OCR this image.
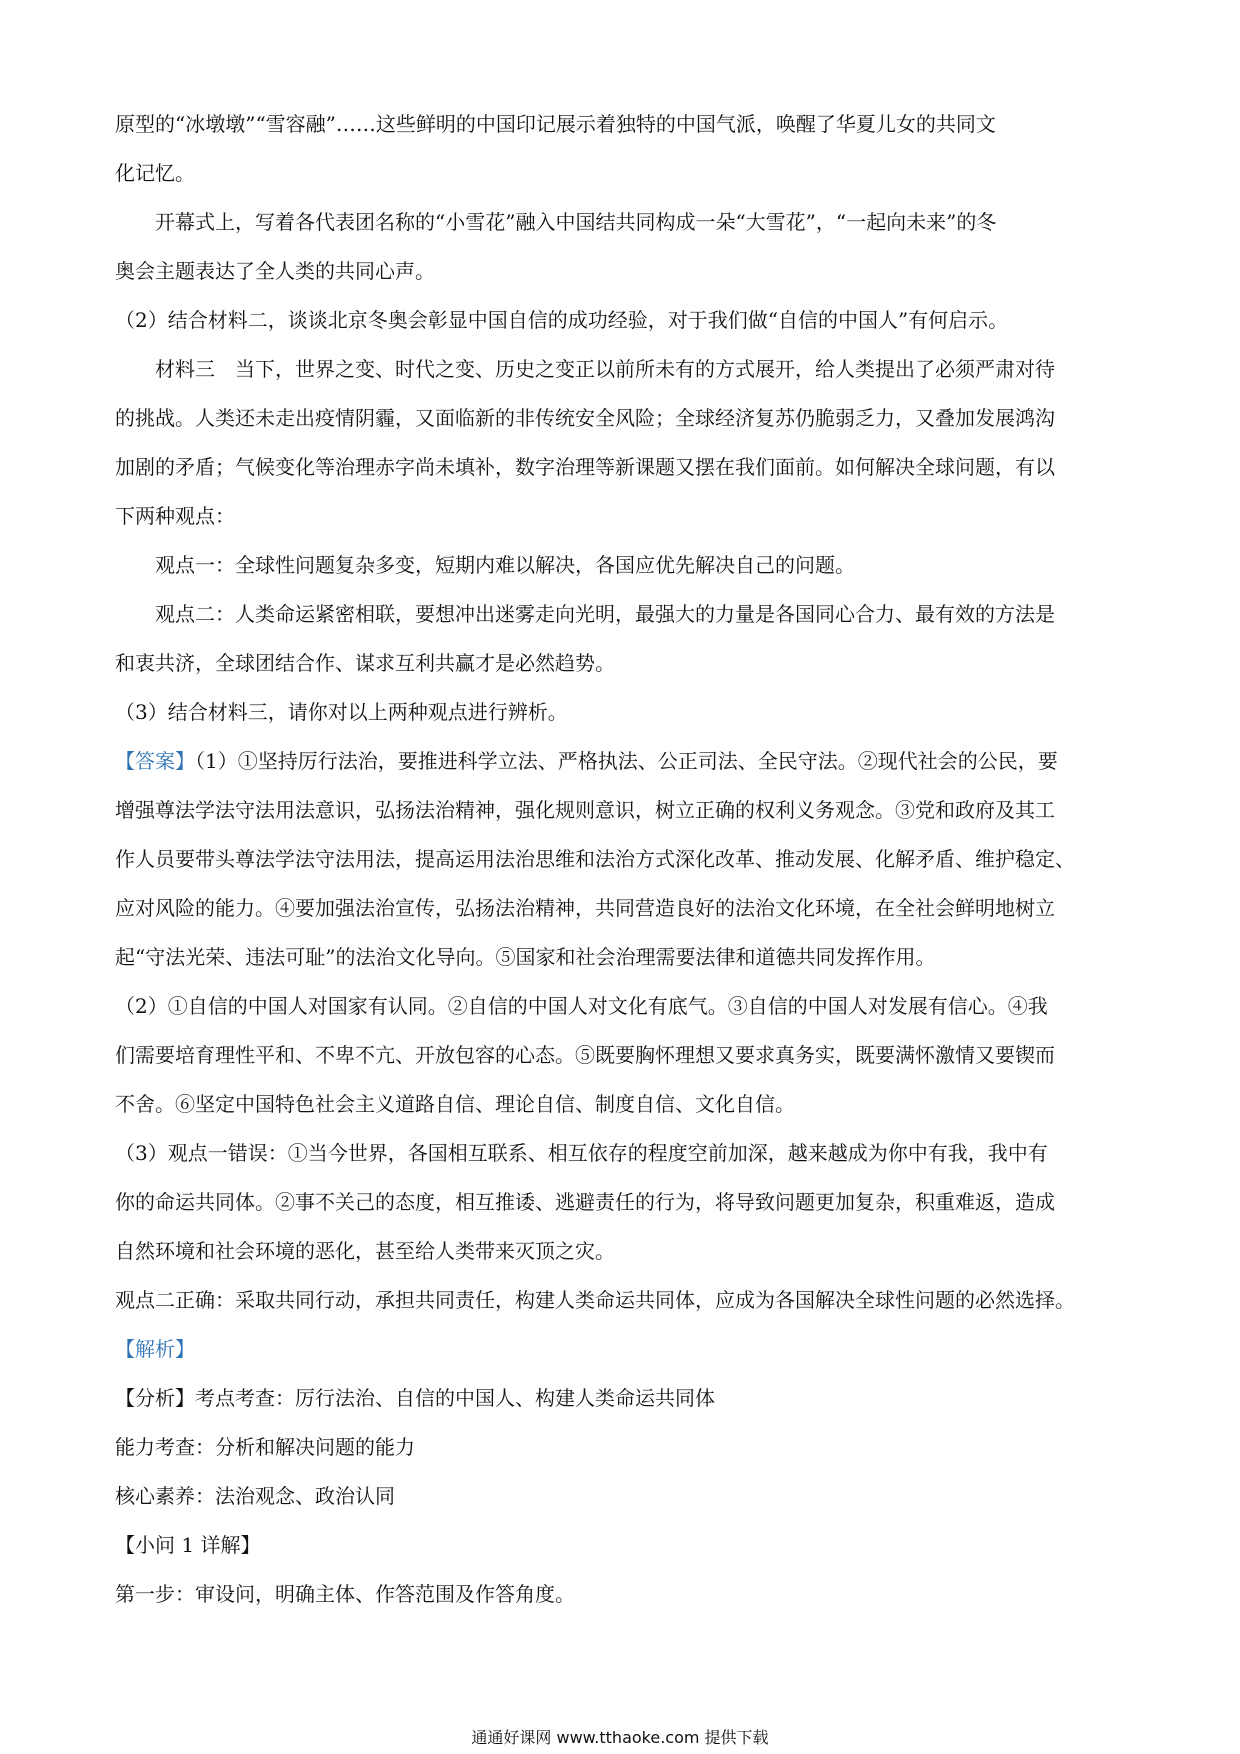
原型的“冰墩墩”“雪容融”……这些鲜明的中国印记展示着独特的中国气派，唤醒了华夏儿女的共同文
化记忆。
开幕式上，写着各代表团名称的“小雪花”融入中国结共同构成一朵“大雪花”，“一起向未来”的冬
奥会主题表达了全人类的共同心声。
（2）结合材料二，谈谈北京冬奥会彰显中国自信的成功经验，对于我们做“自信的中国人”有何启示。
材料三　当下，世界之变、时代之变、历史之变正以前所未有的方式展开，给人类提出了必须严肃对待
的挑战。人类还未走出疫情阴霾，又面临新的非传统安全风险；全球经济复苏仍脆弱乏力，又叠加发展鸿沟
加剧的矛盾；气候变化等治理赤字尚未填补，数字治理等新课题又摆在我们面前。如何解决全球问题，有以
下两种观点：
观点一：全球性问题复杂多变，短期内难以解决，各国应优先解决自己的问题。
观点二：人类命运紧密相联，要想冲出迷雾走向光明，最强大的力量是各国同心合力、最有效的方法是
和衷共济，全球团结合作、谋求互利共赢才是必然趋势。
（3）结合材料三，请你对以上两种观点进行辨析。
【答案】（1）①坚持厉行法治，要推进科学立法、严格执法、公正司法、全民守法。②现代社会的公民，要
增强尊法学法守法用法意识，弘扬法治精神，强化规则意识，树立正确的权利义务观念。③党和政府及其工
作人员要带头尊法学法守法用法，提高运用法治思维和法治方式深化改革、推动发展、化解矛盾、维护稳定、
应对风险的能力。④要加强法治宣传，弘扬法治精神，共同营造良好的法治文化环境，在全社会鲜明地树立
起“守法光荣、违法可耻”的法治文化导向。⑤国家和社会治理需要法律和道德共同发挥作用。
（2）①自信的中国人对国家有认同。②自信的中国人对文化有底气。③自信的中国人对发展有信心。④我
们需要培育理性平和、不卑不亢、开放包容的心态。⑤既要胸怀理想又要求真务实，既要满怀激情又要锲而
不舍。⑥坚定中国特色社会主义道路自信、理论自信、制度自信、文化自信。
（3）观点一错误：①当今世界，各国相互联系、相互依存的程度空前加深，越来越成为你中有我，我中有
你的命运共同体。②事不关己的态度，相互推诿、逃避责任的行为，将导致问题更加复杂，积重难返，造成
自然环境和社会环境的恶化，甚至给人类带来灭顶之灾。
观点二正确：采取共同行动，承担共同责任，构建人类命运共同体，应成为各国解决全球性问题的必然选择。
【解析】
【分析】考点考查：厉行法治、自信的中国人、构建人类命运共同体
能力考查：分析和解决问题的能力
核心素养：法治观念、政治认同
【小问 1 详解】
第一步：审设问，明确主体、作答范围及作答角度。
通通好课网 www.tthaoke.com 提供下载
